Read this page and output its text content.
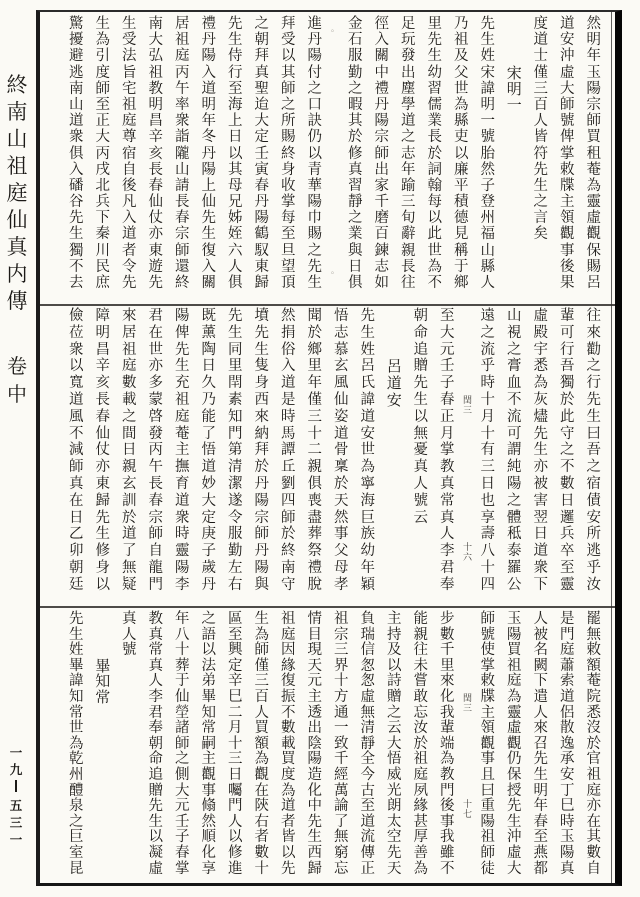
終
南
山
祖
庭
仙
真
内
傳
卷
中
一
九
五
三
一
然
明
年
玉
陽
宗
師
買
租
菴
為
靈
虛
觀
保
賜
呂
道
安
沖
虛
大
師
號
俾
掌
敕
牒
主
領
觀
事
後
果
度
道
士
僅
三
百
人
皆
符
先
生
之
言
矣
宋
明
一
先
生
姓
宋
諱
明
一
號
胎
然
子
登
州
福
山
縣
人
乃
祖
及
父
世
為
縣
吏
以
廉
平
積
德
見
稱
于
鄉
里
先
生
幼
習
儒
業
長
於
詞
翰
每
以
此
世
為
不
足
玩
發
出
塵
學
道
之
志
年
踰
三
旬
辭
親
長
往
徑
入
關
中
禮
丹
陽
宗
師
出
家
千
磨
百
鍊
志
如
金
石
服
勤
之
暇
其
於
修
真
習
靜
之
業
與
日
俱
。
。
進
丹
陽
付
之
口
訣
仍
以
青
華
陽
巾
賜
之
先
生
拜
受
以
其
師
之
所
賜
終
身
收
掌
每
至
旦
望
頂
之
朝
拜
真
聖
迨
大
定
壬
寅
春
丹
陽
鶴
馭
東
歸
先
生
侍
行
至
海
上
日
以
其
母
兄
姊
姪
六
人
俱
禮
丹
陽
入
道
明
年
冬
丹
陽
上
仙
先
生
復
入
關
居
祖
庭
丙
午
率
衆
詣
隴
山
請
長
春
宗
師
還
終
南
大
弘
祖
教
明
昌
辛
亥
長
春
仙
仗
亦
東
遊
先
生
受
法
旨
宅
祖
庭
尊
宿
自
後
凡
入
道
者
令
先
生
為
引
度
師
至
正
大
丙
戌
北
兵
下
秦
川
民
庶
驚
擾
避
逃
南
山
道
衆
俱
入
磻
谷
先
生
獨
不
去
往
來
勸
之
行
先
生
曰
吾
之
宿
債
安
所
逃
乎
汝
輩
可
行
吾
獨
於
此
守
之
不
數
日
邏
兵
卒
至
靈
虛
殿
宇
悉
為
灰
燼
先
生
亦
被
害
翌
日
道
衆
下
山
視
之
膏
血
不
流
可
謂
純
陽
之
體
秪
泰
羅
公
遠
之
流
乎
時
十
月
十
有
三
日
也
享
壽
八
十
四
閏
三
十
六
至
大
元
壬
子
春
正
月
掌
教
真
常
真
人
李
君
奉
朝
命
追
贈
先
生
以
無
憂
真
人
號
云
呂
道
安
先
生
姓
呂
氏
諱
道
安
世
為
寧
海
巨
族
幼
年
穎
悟
志
慕
玄
風
仙
姿
道
骨
稟
於
天
然
事
父
母
孝
聞
於
鄉
里
年
僅
三
十
二
親
俱
喪
盡
葬
祭
禮
脫
然
捐
俗
入
道
是
時
馬
譚
丘
劉
四
師
於
終
南
守
墳
先
生
隻
身
西
來
納
拜
於
丹
陽
宗
師
丹
陽
與
先
生
同
里
閈
素
知
門
第
清
潔
遂
令
服
勤
左
右
既
薰
陶
日
久
乃
能
了
悟
道
妙
大
定
庚
子
歲
丹
陽
俾
先
生
充
祖
庭
菴
主
撫
育
道
衆
時
靈
陽
李
君
在
世
亦
多
蒙
啓
發
丙
午
長
春
宗
師
自
龍
門
來
居
祖
庭
數
載
之
間
日
親
玄
訓
於
道
了
無
疑
障
明
昌
辛
亥
長
春
仙
仗
亦
東
歸
先
生
修
身
以
儉
莅
衆
以
寬
道
風
不
減
師
真
在
日
乙
卯
朝
廷
罷
無
敕
額
菴
院
悉
沒
於
官
祖
庭
亦
在
其
數
自
是
門
庭
蕭
索
道
侶
散
逸
承
安
丁
巳
時
玉
陽
真
人
被
名
闕
下
遣
人
來
召
先
生
明
年
春
至
燕
都
玉
陽
買
祖
庭
為
靈
虛
觀
仍
保
授
先
生
沖
虛
大
師
號
使
掌
敕
牒
主
領
觀
事
且
曰
重
陽
祖
師
徒
閏
三
十
七
步
數
千
里
來
化
我
輩
端
為
教
門
後
事
我
雖
不
能
親
往
未
嘗
敢
忘
汝
於
祖
庭
夙
緣
甚
厚
善
為
主
持
及
以
詩
贈
之
云
大
悟
威
光
朗
太
空
先
天
負
瑞
信
怱
怱
虛
無
清
靜
全
今
古
至
道
流
傳
正
祖
宗
三
界
十
方
通
一
致
千
經
萬
論
了
無
窮
忘
情
目
現
天
元
主
透
出
陰
陽
造
化
中
先
生
西
歸
祖
庭
因
緣
復
振
不
數
載
買
度
為
道
者
皆
以
先
生
為
師
僅
三
百
人
買
額
為
觀
在
陝
右
者
數
十
區
至
興
定
辛
巳
二
月
十
三
日
囑
門
人
以
修
進
之
語
以
法
弟
畢
知
常
嗣
主
觀
事
翛
然
順
化
享
年
八
十
葬
于
仙
塋
諸
師
之
側
大
元
壬
子
春
掌
教
真
常
真
人
李
君
奉
朝
命
追
贈
先
生
以
凝
虛
真
人
號
畢
知
常
先
生
姓
畢
諱
知
常
世
為
乾
州
醴
泉
之
巨
室
昆
